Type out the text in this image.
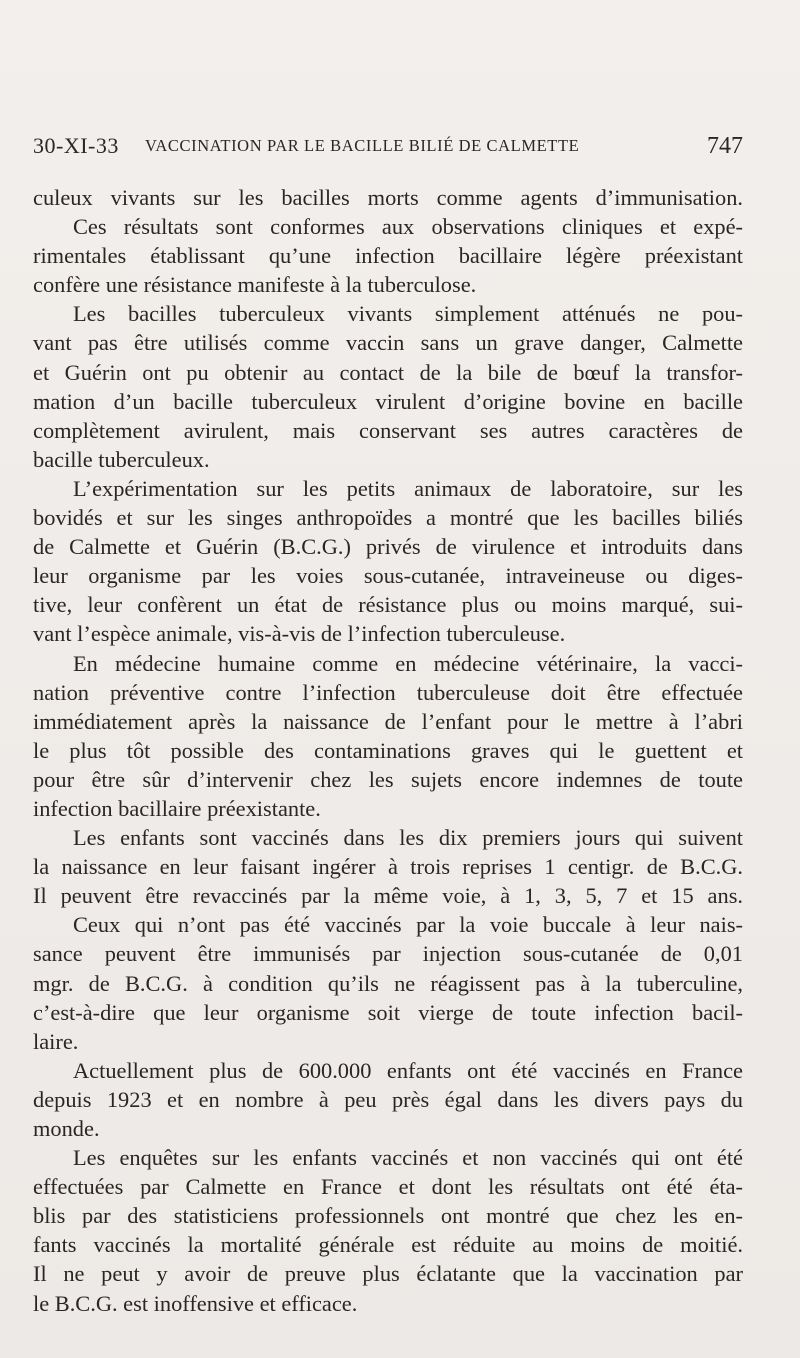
30-XI-33 VACCINATION PAR LE BACILLE BILIÉ DE CALMETTE	747
culeux vivants sur les bacilles morts comme agents d’immunisation.
Ces résultats sont conformes aux observations cliniques et expé-
rimentales établissant qu’une infection bacillaire légère préexistant
confère une résistance manifeste à la tuberculose.
Les bacilles tuberculeux vivants simplement atténués ne pou-
vant pas être utilisés comme vaccin sans un grave danger, Calmette
et Guérin ont pu obtenir au contact de la bile de bœuf la transfor-
mation d’un bacille tuberculeux virulent d’origine bovine en bacille
complètement avirulent, mais conservant ses autres caractères de
bacille tuberculeux.
L’expérimentation sur les petits animaux de laboratoire, sur les
bovidés et sur les singes anthropoïdes a montré que les bacilles biliés
de Calmette et Guérin (B.C.G.) privés de virulence et introduits dans
leur organisme par les voies sous-cutanée, intraveineuse ou diges-
tive, leur confèrent un état de résistance plus ou moins marqué, sui-
vant l’espèce animale, vis-à-vis de l’infection tuberculeuse.
En médecine humaine comme en médecine vétérinaire, la vacci-
nation préventive contre l’infection tuberculeuse doit être effectuée
immédiatement après la naissance de l’enfant pour le mettre à l’abri
le plus tôt possible des contaminations graves qui le guettent et
pour être sûr d’intervenir chez les sujets encore indemnes de toute
infection bacillaire préexistante.
Les enfants sont vaccinés dans les dix premiers jours qui suivent
la naissance en leur faisant ingérer à trois reprises 1 centigr. de B.C.G.
Il peuvent être revaccinés par la même voie, à 1, 3, 5, 7 et 15 ans.
Ceux qui n’ont pas été vaccinés par la voie buccale à leur nais-
sance peuvent être immunisés par injection sous-cutanée de 0,01
mgr. de B.C.G. à condition qu’ils ne réagissent pas à la tuberculine,
c’est-à-dire que leur organisme soit vierge de toute infection bacil-
laire.
Actuellement plus de 600.000 enfants ont été vaccinés en France
depuis 1923 et en nombre à peu près égal dans les divers pays du
monde.
Les enquêtes sur les enfants vaccinés et non vaccinés qui ont été
effectuées par Calmette en France et dont les résultats ont été éta-
blis par des statisticiens professionnels ont montré que chez les en-
fants vaccinés la mortalité générale est réduite au moins de moitié.
Il ne peut y avoir de preuve plus éclatante que la vaccination par
le B.C.G. est inoffensive et efficace.
